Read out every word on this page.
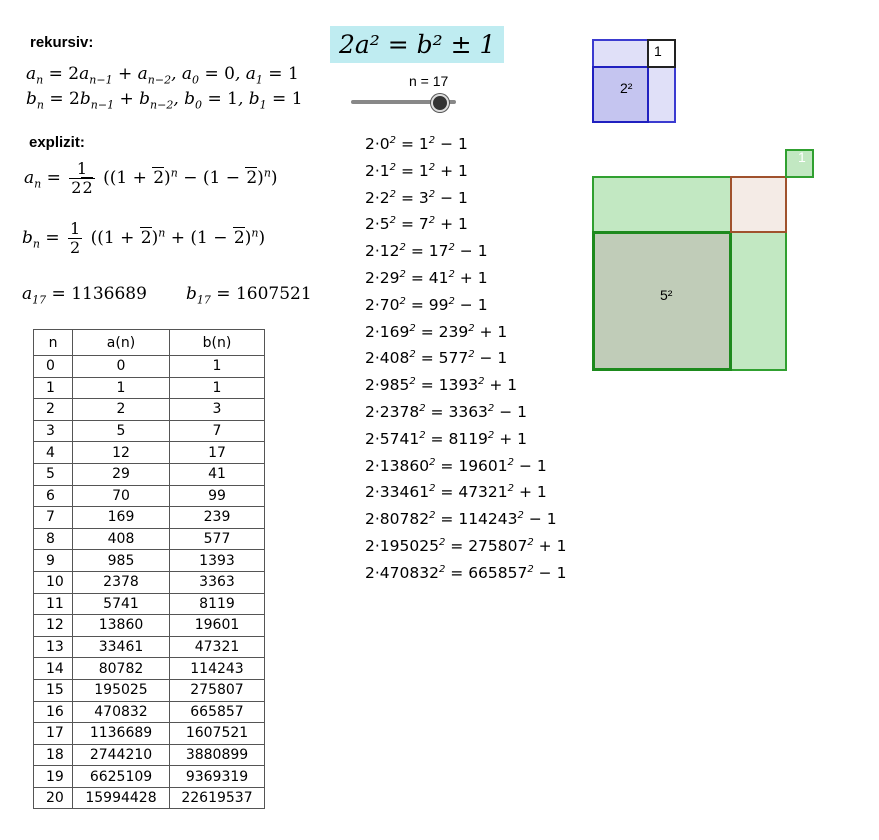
rekursiv:
$a_n = 2a_{n-1} + a_{n-2}$, $a_0 = 0$, $a_1 = 1$
$b_n = 2b_{n-1} + b_{n-2}$, $b_0 = 1$, $b_1 = 1$
explizit:
$a_n = \frac{1}{22} ((1 + 2)^n - (1 - 2)^n)$
$b_n = \frac{1}{2} ((1 + 2)^n + (1 - 2)^n)$
$a_{17} = 1136689$ $b_{17} = 1607521$
n	a(n)	b(n)
0	0	1
1	1	1
2	2	3
3	5	7
4	12	17
5	29	41
6	70	99
7	169	239
8	408	577
9	985	1393
10	2378	3363
11	5741	8119
12	13860	19601
13	33461	47321
14	80782	114243
15	195025	275807
16	470832	665857
17	1136689	1607521
18	2744210	3880899
19	6625109	9369319
20	15994428	22619537
2a² = b² ± 1
n = 17
$2\cdot 0^2 = 1^2 - 1$
$2\cdot 1^2 = 1^2 + 1$
$2\cdot 2^2 = 3^2 - 1$
$2\cdot 5^2 = 7^2 + 1$
$2\cdot 12^2 = 17^2 - 1$
$2\cdot 29^2 = 41^2 + 1$
$2\cdot 70^2 = 99^2 - 1$
$2\cdot 169^2 = 239^2 + 1$
$2\cdot 408^2 = 577^2 - 1$
$2\cdot 985^2 = 1393^2 + 1$
$2\cdot 2378^2 = 3363^2 - 1$
$2\cdot 5741^2 = 8119^2 + 1$
$2\cdot 13860^2 = 19601^2 - 1$
$2\cdot 33461^2 = 47321^2 + 1$
$2\cdot 80782^2 = 114243^2 - 1$
$2\cdot 195025^2 = 275807^2 + 1$
$2\cdot 470832^2 = 665857^2 - 1$
1
2²
1
5²
